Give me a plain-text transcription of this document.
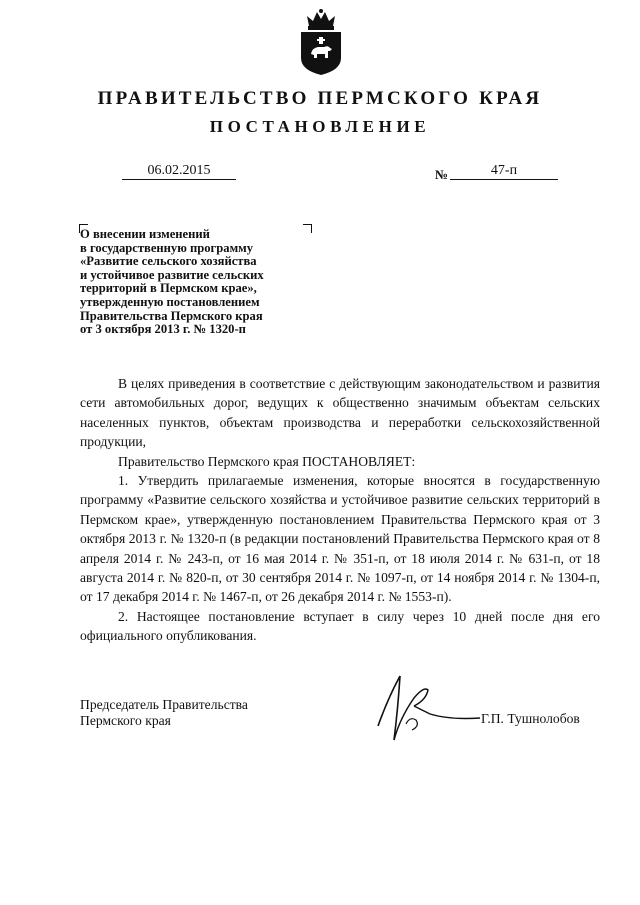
ПРАВИТЕЛЬСТВО ПЕРМСКОГО КРАЯ
ПОСТАНОВЛЕНИЕ
06.02.2015	№	47-п
О внесении изменений
в государственную программу
«Развитие сельского хозяйства
и устойчивое развитие сельских
территорий в Пермском крае»,
утвержденную постановлением
Правительства Пермского края
от 3 октября 2013 г. № 1320-п

В целях приведения в соответствие с действующим законодательством и развития сети автомобильных дорог, ведущих к общественно значимым объектам сельских населенных пунктов, объектам производства и переработки сельскохозяйственной продукции,

Правительство Пермского края ПОСТАНОВЛЯЕТ:

1. Утвердить прилагаемые изменения, которые вносятся в государственную программу «Развитие сельского хозяйства и устойчивое развитие сельских территорий в Пермском крае», утвержденную постановлением Правительства Пермского края от 3 октября 2013 г. № 1320-п (в редакции постановлений Правительства Пермского края от 8 апреля 2014 г. № 243-п, от 16 мая 2014 г. № 351-п, от 18 июля 2014 г. № 631-п, от 18 августа 2014 г. № 820-п, от 30 сентября 2014 г. № 1097-п, от 14 ноября 2014 г. № 1304-п, от 17 декабря 2014 г. № 1467-п, от 26 декабря 2014 г. № 1553-п).

2. Настоящее постановление вступает в силу через 10 дней после дня его официального опубликования.

Председатель Правительства
Пермского края	Г.П. Тушнолобов
